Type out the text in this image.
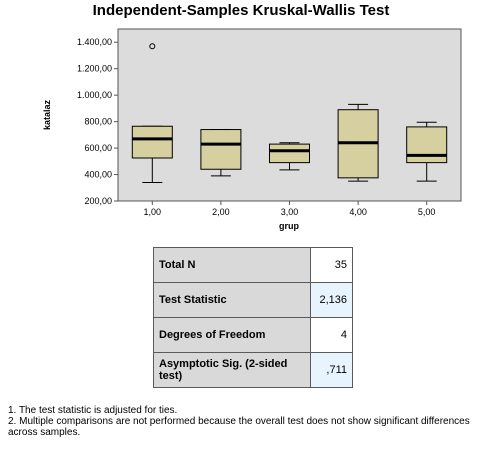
Independent-Samples Kruskal-Wallis Test
200,00
400,00
600,00
800,00
1.000,00
1.200,00
1.400,00
1,00	2,00	3,00	4,00	5,00
katalaz
grup
Total N	35
Test Statistic	2,136
Degrees of Freedom	4
Asymptotic Sig. (2-sided test)	,711
1. The test statistic is adjusted for ties.
2. Multiple comparisons are not performed because the overall test does not show significant differences across samples.
